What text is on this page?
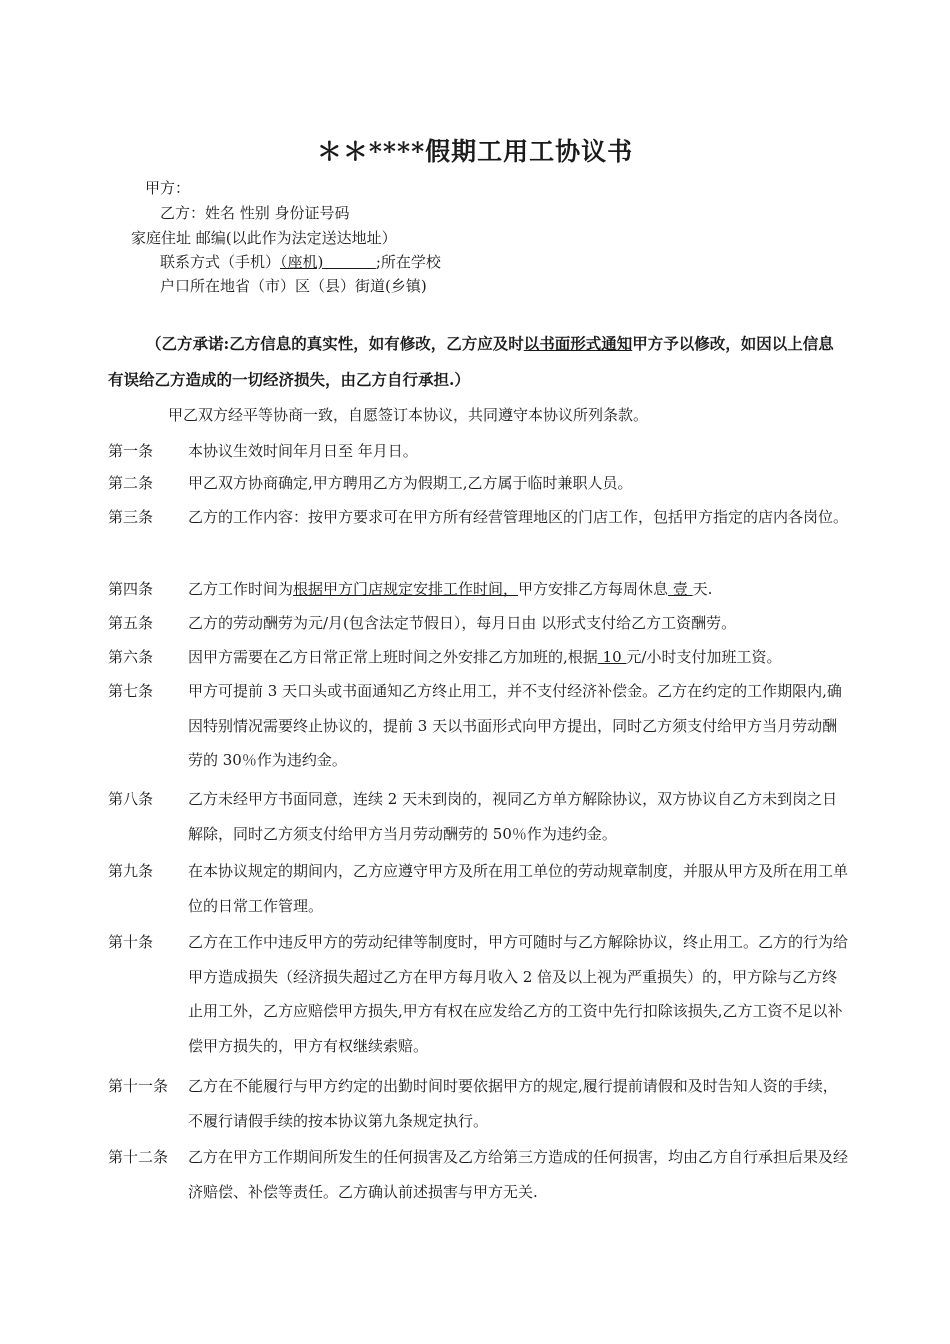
＊＊****假期工用工协议书
甲方：
乙方：姓名 性别 身份证号码
家庭住址 邮编(以此作为法定送达地址）
联系方式（手机）（座机)           ;所在学校
户口所在地省（市）区（县）街道(乡镇)
（乙方承诺:乙方信息的真实性，如有修改，乙方应及时以书面形式通知甲方予以修改，如因以上信息有误给乙方造成的一切经济损失，由乙方自行承担.）
甲乙双方经平等协商一致，自愿签订本协议，共同遵守本协议所列条款。
第一条 本协议生效时间年月日至 年月日。
第二条 甲乙双方协商确定,甲方聘用乙方为假期工,乙方属于临时兼职人员。
第三条 乙方的工作内容：按甲方要求可在甲方所有经营管理地区的门店工作，包括甲方指定的店内各岗位。
第四条 乙方工作时间为根据甲方门店规定安排工作时间，甲方安排乙方每周休息 壹 天.
第五条 乙方的劳动酬劳为元/月(包含法定节假日），每月日由 以形式支付给乙方工资酬劳。
第六条 因甲方需要在乙方日常正常上班时间之外安排乙方加班的,根据 10 元/小时支付加班工资。
第七条 甲方可提前 3 天口头或书面通知乙方终止用工，并不支付经济补偿金。乙方在约定的工作期限内,确因特别情况需要终止协议的，提前 3 天以书面形式向甲方提出，同时乙方须支付给甲方当月劳动酬劳的 30％作为违约金。
第八条 乙方未经甲方书面同意，连续 2 天未到岗的，视同乙方单方解除协议，双方协议自乙方未到岗之日解除，同时乙方须支付给甲方当月劳动酬劳的 50％作为违约金。
第九条 在本协议规定的期间内，乙方应遵守甲方及所在用工单位的劳动规章制度，并服从甲方及所在用工单位的日常工作管理。
第十条 乙方在工作中违反甲方的劳动纪律等制度时，甲方可随时与乙方解除协议，终止用工。乙方的行为给甲方造成损失（经济损失超过乙方在甲方每月收入 2 倍及以上视为严重损失）的，甲方除与乙方终止用工外，乙方应赔偿甲方损失,甲方有权在应发给乙方的工资中先行扣除该损失,乙方工资不足以补偿甲方损失的，甲方有权继续索赔。
第十一条 乙方在不能履行与甲方约定的出勤时间时要依据甲方的规定,履行提前请假和及时告知人资的手续，不履行请假手续的按本协议第九条规定执行。
第十二条 乙方在甲方工作期间所发生的任何损害及乙方给第三方造成的任何损害，均由乙方自行承担后果及经济赔偿、补偿等责任。乙方确认前述损害与甲方无关.
